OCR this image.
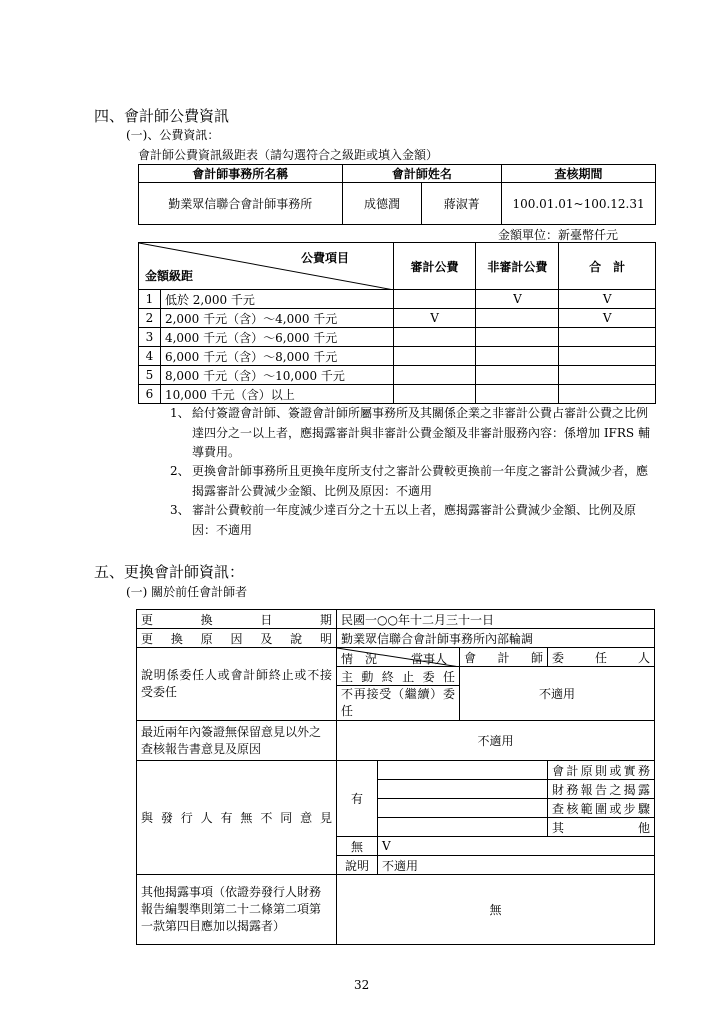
四、會計師公費資訊
(一)、公費資訊：
會計師公費資訊級距表（請勾選符合之級距或填入金額）
會計師事務所名稱	會計師姓名		查核期間
勤業眾信聯合會計師事務所	成德潤	蔣淑菁	100.01.01~100.12.31
金額單位：新臺幣仟元
公費項目
金額級距		審計公費	非審計公費	合　計
1	低於 2,000 千元		V	V
2	2,000 千元（含）～4,000 千元	V		V
3	4,000 千元（含）～6,000 千元			
4	6,000 千元（含）～8,000 千元			
5	8,000 千元（含）～10,000 千元			
6	10,000 千元（含）以上			
1、 給付簽證會計師、簽證會計師所屬事務所及其關係企業之非審計公費占審計公費之比例達四分之一以上者，應揭露審計與非審計公費金額及非審計服務內容：係增加 IFRS 輔導費用。
2、 更換會計師事務所且更換年度所支付之審計公費較更換前一年度之審計公費減少者，應揭露審計公費減少金額、比例及原因：不適用
3、 審計公費較前一年度減少達百分之十五以上者，應揭露審計公費減少金額、比例及原因：不適用
五、更換會計師資訊：
(一) 關於前任會計師者
更換日期	民國一○○年十二月三十一日			
更換原因及說明	勤業眾信聯合會計師事務所內部輪調			
說明係委任人或會計師終止或不接受委任	情　況 當事人		會　計　師	委　任　人
	主動終止委任		不適用	
	不再接受（繼續）委任			
最近兩年內簽證無保留意見以外之查核報告書意見及原因	不適用			
與發行人有無不同意見	有			會計原則或實務
				財務報告之揭露
				查核範圍或步驟
				其　他
	無	V		
	說明	不適用		
其他揭露事項（依證券發行人財務報告編製準則第二十二條第二項第一款第四目應加以揭露者）	無			
32
